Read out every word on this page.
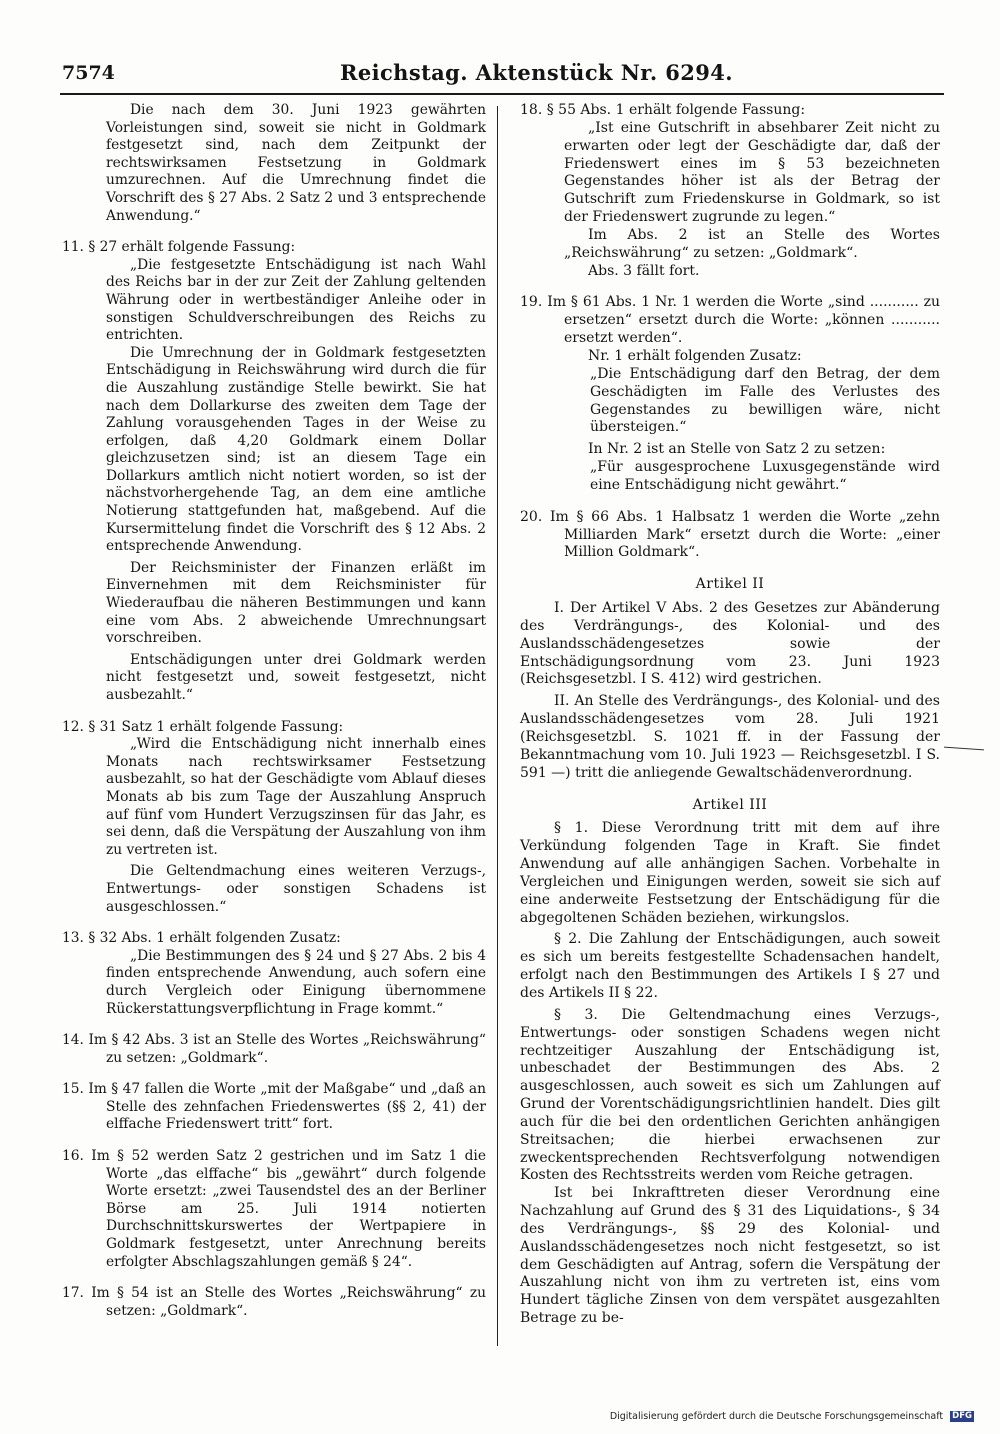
7574	Reichstag. Aktenstück Nr. 6294.

Die nach dem 30. Juni 1923 gewährten Vorleistungen sind, soweit sie nicht in Goldmark festgesetzt sind, nach dem Zeitpunkt der rechtswirksamen Festsetzung in Goldmark umzurechnen. Auf die Umrechnung findet die Vorschrift des § 27 Abs. 2 Satz 2 und 3 entsprechende Anwendung.“

11. § 27 erhält folgende Fassung:

„Die festgesetzte Entschädigung ist nach Wahl des Reichs bar in der zur Zeit der Zahlung geltenden Währung oder in wertbeständiger Anleihe oder in sonstigen Schuldverschreibungen des Reichs zu entrichten.

Die Umrechnung der in Goldmark festgesetzten Entschädigung in Reichswährung wird durch die für die Auszahlung zuständige Stelle bewirkt. Sie hat nach dem Dollarkurse des zweiten dem Tage der Zahlung vorausgehenden Tages in der Weise zu erfolgen, daß 4,20 Goldmark einem Dollar gleichzusetzen sind; ist an diesem Tage ein Dollarkurs amtlich nicht notiert worden, so ist der nächstvorhergehende Tag, an dem eine amtliche Notierung stattgefunden hat, maßgebend. Auf die Kursermittelung findet die Vorschrift des § 12 Abs. 2 entsprechende Anwendung.

Der Reichsminister der Finanzen erläßt im Einvernehmen mit dem Reichsminister für Wiederaufbau die näheren Bestimmungen und kann eine vom Abs. 2 abweichende Umrechnungsart vorschreiben.

Entschädigungen unter drei Goldmark werden nicht festgesetzt und, soweit festgesetzt, nicht ausbezahlt.“

12. § 31 Satz 1 erhält folgende Fassung:

„Wird die Entschädigung nicht innerhalb eines Monats nach rechtswirksamer Festsetzung ausbezahlt, so hat der Geschädigte vom Ablauf dieses Monats ab bis zum Tage der Auszahlung Anspruch auf fünf vom Hundert Verzugszinsen für das Jahr, es sei denn, daß die Verspätung der Auszahlung von ihm zu vertreten ist.

Die Geltendmachung eines weiteren Verzugs-, Entwertungs- oder sonstigen Schadens ist ausgeschlossen.“

13. § 32 Abs. 1 erhält folgenden Zusatz:

„Die Bestimmungen des § 24 und § 27 Abs. 2 bis 4 finden entsprechende Anwendung, auch sofern eine durch Vergleich oder Einigung übernommene Rückerstattungsverpflichtung in Frage kommt.“

14. Im § 42 Abs. 3 ist an Stelle des Wortes „Reichswährung“ zu setzen: „Goldmark“.

15. Im § 47 fallen die Worte „mit der Maßgabe“ und „daß an Stelle des zehnfachen Friedenswertes (§§ 2, 41) der elffache Friedenswert tritt“ fort.

16. Im § 52 werden Satz 2 gestrichen und im Satz 1 die Worte „das elffache“ bis „gewährt“ durch folgende Worte ersetzt: „zwei Tausendstel des an der Berliner Börse am 25. Juli 1914 notierten Durchschnittskurswertes der Wertpapiere in Goldmark festgesetzt, unter Anrechnung bereits erfolgter Abschlagszahlungen gemäß § 24“.

17. Im § 54 ist an Stelle des Wortes „Reichswährung“ zu setzen: „Goldmark“.

18. § 55 Abs. 1 erhält folgende Fassung:

„Ist eine Gutschrift in absehbarer Zeit nicht zu erwarten oder legt der Geschädigte dar, daß der Friedenswert eines im § 53 bezeichneten Gegenstandes höher ist als der Betrag der Gutschrift zum Friedenskurse in Goldmark, so ist der Friedenswert zugrunde zu legen.“

Im Abs. 2 ist an Stelle des Wortes „Reichswährung“ zu setzen: „Goldmark“.

Abs. 3 fällt fort.

19. Im § 61 Abs. 1 Nr. 1 werden die Worte „sind ........... zu ersetzen“ ersetzt durch die Worte: „können ........... ersetzt werden“.

Nr. 1 erhält folgenden Zusatz:

„Die Entschädigung darf den Betrag, der dem Geschädigten im Falle des Verlustes des Gegenstandes zu bewilligen wäre, nicht übersteigen.“

In Nr. 2 ist an Stelle von Satz 2 zu setzen:

„Für ausgesprochene Luxusgegenstände wird eine Entschädigung nicht gewährt.“

20. Im § 66 Abs. 1 Halbsatz 1 werden die Worte „zehn Milliarden Mark“ ersetzt durch die Worte: „einer Million Goldmark“.

Artikel II

I. Der Artikel V Abs. 2 des Gesetzes zur Abänderung des Verdrängungs-, des Kolonial- und des Auslandsschädengesetzes sowie der Entschädigungsordnung vom 23. Juni 1923 (Reichsgesetzbl. I S. 412) wird gestrichen.

II. An Stelle des Verdrängungs-, des Kolonial- und des Auslandsschädengesetzes vom 28. Juli 1921 (Reichsgesetzbl. S. 1021 ff. in der Fassung der Bekanntmachung vom 10. Juli 1923 — Reichsgesetzbl. I S. 591 —) tritt die anliegende Gewaltschädenverordnung.

Artikel III

§ 1. Diese Verordnung tritt mit dem auf ihre Verkündung folgenden Tage in Kraft. Sie findet Anwendung auf alle anhängigen Sachen. Vorbehalte in Vergleichen und Einigungen werden, soweit sie sich auf eine anderweite Festsetzung der Entschädigung für die abgegoltenen Schäden beziehen, wirkungslos.

§ 2. Die Zahlung der Entschädigungen, auch soweit es sich um bereits festgestellte Schadensachen handelt, erfolgt nach den Bestimmungen des Artikels I § 27 und des Artikels II § 22.

§ 3. Die Geltendmachung eines Verzugs-, Entwertungs- oder sonstigen Schadens wegen nicht rechtzeitiger Auszahlung der Entschädigung ist, unbeschadet der Bestimmungen des Abs. 2 ausgeschlossen, auch soweit es sich um Zahlungen auf Grund der Vorentschädigungsrichtlinien handelt. Dies gilt auch für die bei den ordentlichen Gerichten anhängigen Streitsachen; die hierbei erwachsenen zur zweckentsprechenden Rechtsverfolgung notwendigen Kosten des Rechtsstreits werden vom Reiche getragen.

Ist bei Inkrafttreten dieser Verordnung eine Nachzahlung auf Grund des § 31 des Liquidations-, § 34 des Verdrängungs-, §§ 29 des Kolonial- und Auslandsschädengesetzes noch nicht festgesetzt, so ist dem Geschädigten auf Antrag, sofern die Verspätung der Auszahlung nicht von ihm zu vertreten ist, eins vom Hundert tägliche Zinsen von dem verspätet ausgezahlten Betrage zu be-

Digitalisierung gefördert durch die Deutsche Forschungsgemeinschaft DFG
